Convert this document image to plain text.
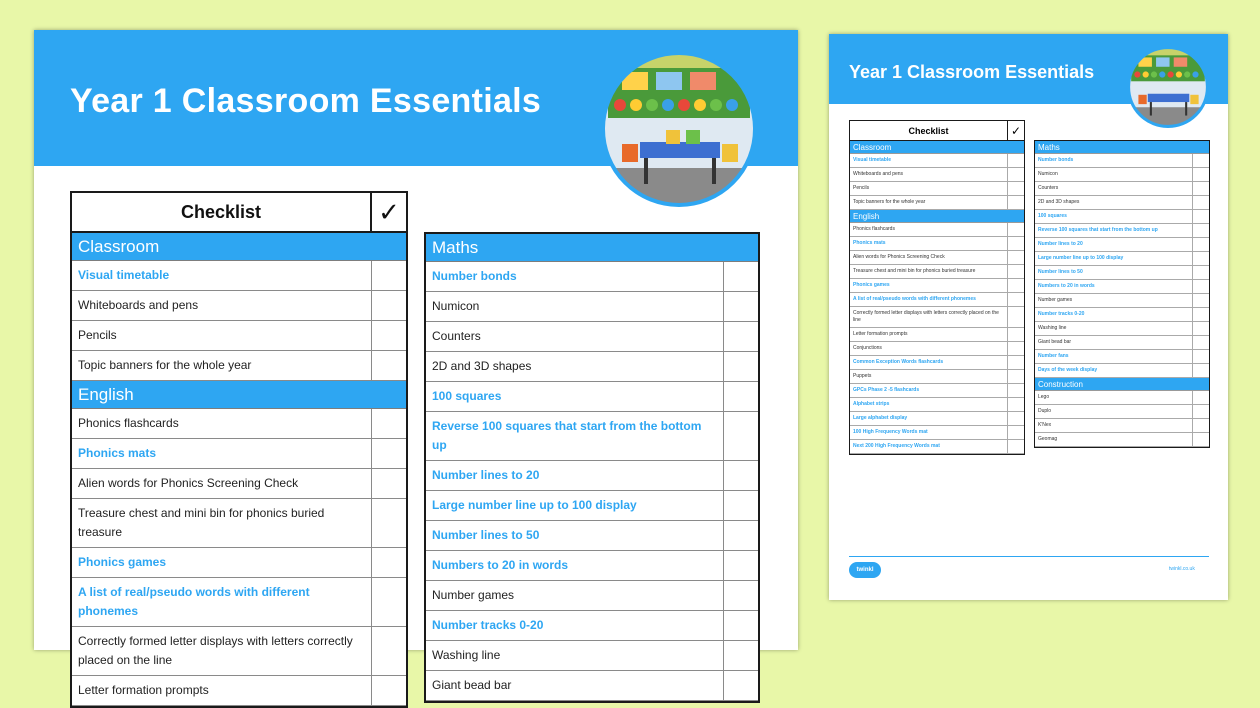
Year 1 Classroom Essentials
Checklist	✓
Classroom
Visual timetable
Whiteboards and pens
Pencils
Topic banners for the whole year
English
Phonics flashcards
Phonics mats
Alien words for Phonics Screening Check
Treasure chest and mini bin for phonics buried treasure
Phonics games
A list of real/pseudo words with different phonemes
Correctly formed letter displays with letters correctly placed on the line
Letter formation prompts
Maths
Number bonds
Numicon
Counters
2D and 3D shapes
100 squares
Reverse 100 squares that start from the bottom up
Number lines to 20
Large number line up to 100 display
Number lines to 50
Numbers to 20 in words
Number games
Number tracks 0-20
Washing line
Giant bead bar
Year 1 Classroom Essentials
Checklist	✓
Classroom
Visual timetable
Whiteboards and pens
Pencils
Topic banners for the whole year
English
Phonics flashcards
Phonics mats
Alien words for Phonics Screening Check
Treasure chest and mini bin for phonics buried treasure
Phonics games
A list of real/pseudo words with different phonemes
Correctly formed letter displays with letters correctly placed on the line
Letter formation prompts
Conjunctions
Common Exception Words flashcards
Puppets
GPCs Phase 2 -5 flashcards
Alphabet strips
Large alphabet display
100 High Frequency Words mat
Next 200 High Frequency Words mat
Maths
Number bonds
Numicon
Counters
2D and 3D shapes
100 squares
Reverse 100 squares that start from the bottom up
Number lines to 20
Large number line up to 100 display
Number lines to 50
Numbers to 20 in words
Number games
Number tracks 0-20
Washing line
Giant bead bar
Number fans
Days of the week display
Construction
Lego
Duplo
K'Nex
Geomag
twinkl	twinkl.co.uk
